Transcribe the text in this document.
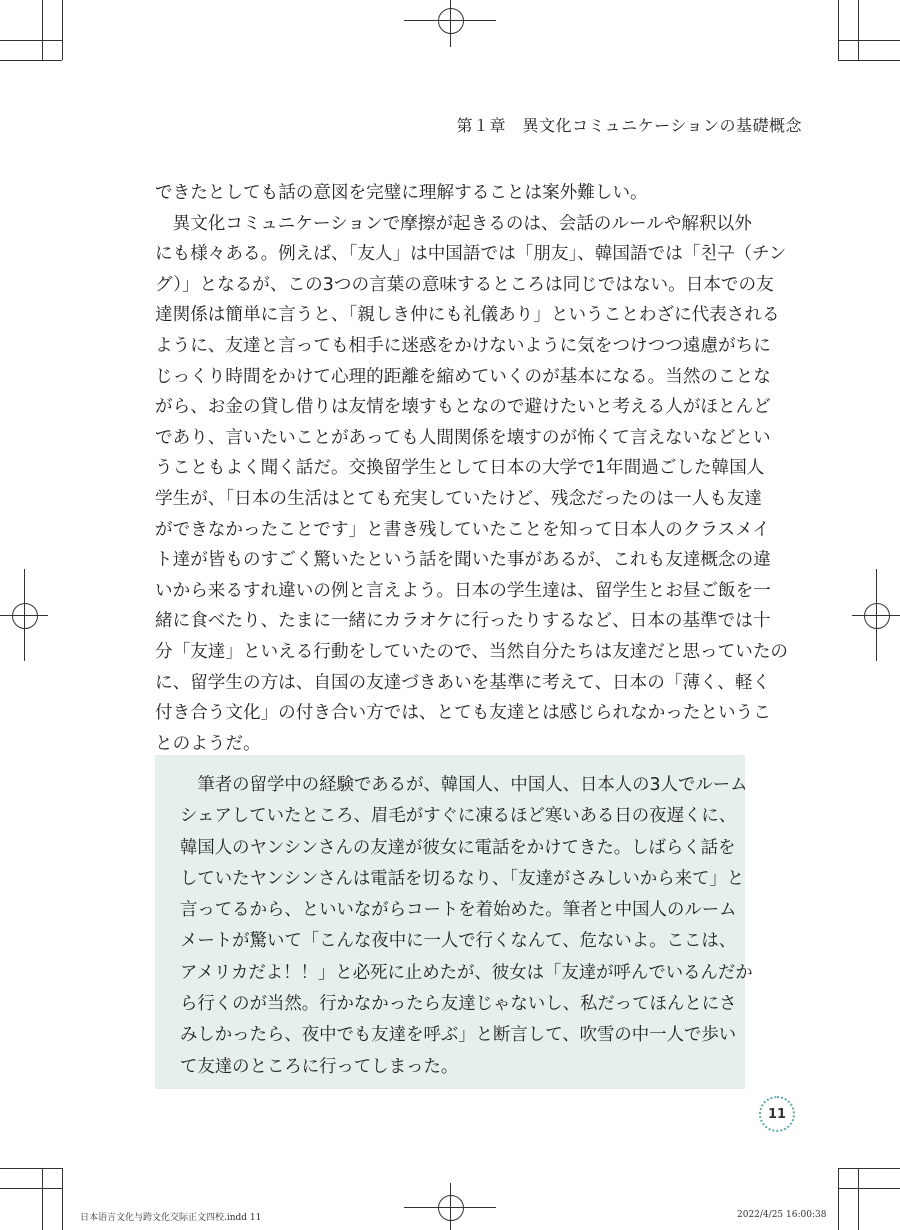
第１章　異文化コミュニケーションの基礎概念

できたとしても話の意図を完璧に理解することは案外難しい。

　異文化コミュニケーションで摩擦が起きるのは、会話のルールや解釈以外

にも様々ある。例えば、「友人」は中国語では「朋友」、韓国語では「친구（チン

グ）」となるが、この3つの言葉の意味するところは同じではない。日本での友

達関係は簡単に言うと、「親しき仲にも礼儀あり」ということわざに代表される

ように、友達と言っても相手に迷惑をかけないように気をつけつつ遠慮がちに

じっくり時間をかけて心理的距離を縮めていくのが基本になる。当然のことな

がら、お金の貸し借りは友情を壊すもとなので避けたいと考える人がほとんど

であり、言いたいことがあっても人間関係を壊すのが怖くて言えないなどとい

うこともよく聞く話だ。交換留学生として日本の大学で1年間過ごした韓国人

学生が、「日本の生活はとても充実していたけど、残念だったのは一人も友達

ができなかったことです」と書き残していたことを知って日本人のクラスメイ

ト達が皆ものすごく驚いたという話を聞いた事があるが、これも友達概念の違

いから来るすれ違いの例と言えよう。日本の学生達は、留学生とお昼ご飯を一

緒に食べたり、たまに一緒にカラオケに行ったりするなど、日本の基準では十

分「友達」といえる行動をしていたので、当然自分たちは友達だと思っていたの

に、留学生の方は、自国の友達づきあいを基準に考えて、日本の「薄く、軽く

付き合う文化」の付き合い方では、とても友達とは感じられなかったというこ

とのようだ。

　筆者の留学中の経験であるが、韓国人、中国人、日本人の3人でルーム

シェアしていたところ、眉毛がすぐに凍るほど寒いある日の夜遅くに、

韓国人のヤンシンさんの友達が彼女に電話をかけてきた。しばらく話を

していたヤンシンさんは電話を切るなり、「友達がさみしいから来て」と

言ってるから、といいながらコートを着始めた。筆者と中国人のルーム

メートが驚いて「こんな夜中に一人で行くなんて、危ないよ。ここは、

アメリカだよ！！」と必死に止めたが、彼女は「友達が呼んでいるんだか

ら行くのが当然。行かなかったら友達じゃないし、私だってほんとにさ

みしかったら、夜中でも友達を呼ぶ」と断言して、吹雪の中一人で歩い

て友達のところに行ってしまった。

11
日本语言文化与跨文化交际正文四校.indd 11	2022/4/25 16:00:38
